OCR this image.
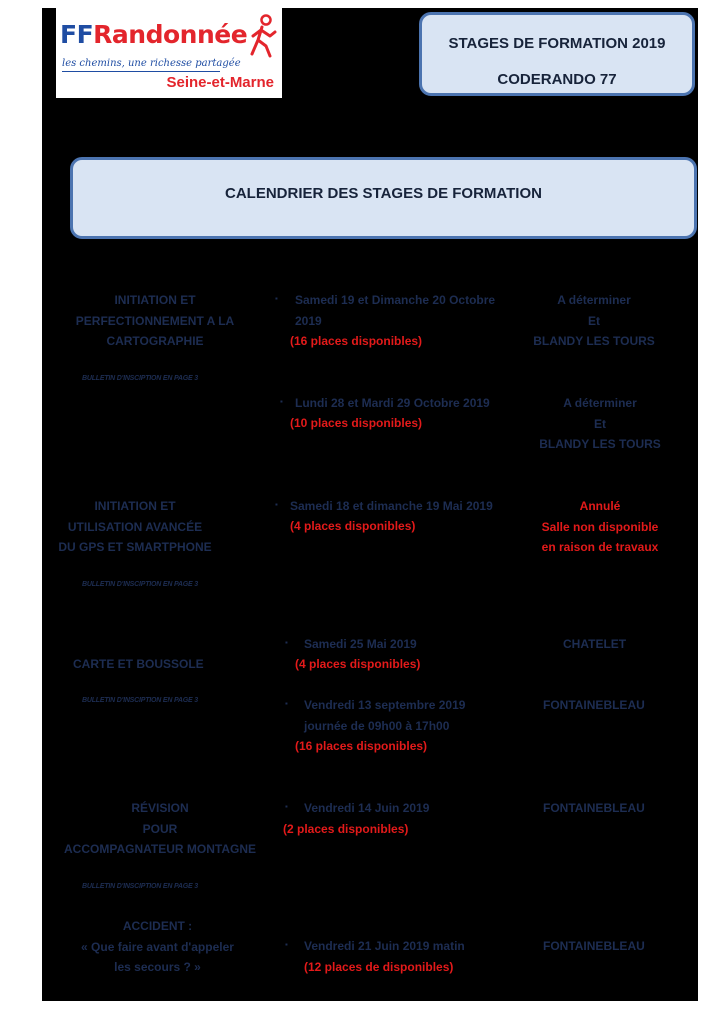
FFRandonnée
les chemins, une richesse partagée
Seine-et-Marne
STAGES DE FORMATION 2019
CODERANDO 77
CALENDRIER DES STAGES DE FORMATION
INITIATION ET
PERFECTIONNEMENT A LA
CARTOGRAPHIE
BULLETIN D'INSCIPTION EN PAGE 3
▪ Samedi 19 et Dimanche 20 Octobre
2019
(16 places disponibles)
A déterminer
Et
BLANDY LES TOURS
▪ Lundi 28 et Mardi 29 Octobre 2019
(10 places disponibles)
A déterminer
Et
BLANDY LES TOURS
INITIATION ET
UTILISATION AVANCÉE
DU GPS ET SMARTPHONE
BULLETIN D'INSCIPTION EN PAGE 3
▪ Samedi 18 et dimanche 19 Mai 2019
(4 places disponibles)
Annulé
Salle non disponible
en raison de travaux
CARTE ET BOUSSOLE
BULLETIN D'INSCIPTION EN PAGE 3
▪ Samedi 25 Mai 2019
(4 places disponibles)
CHATELET
▪ Vendredi 13 septembre 2019
journée de 09h00 à 17h00
(16 places disponibles)
FONTAINEBLEAU
RÉVISION
POUR
ACCOMPAGNATEUR MONTAGNE
BULLETIN D'INSCIPTION EN PAGE 3
▪ Vendredi 14 Juin 2019
(2 places disponibles)
FONTAINEBLEAU
ACCIDENT :
« Que faire avant d'appeler
les secours ? »
▪ Vendredi 21 Juin 2019 matin
(12 places de disponibles)
FONTAINEBLEAU
